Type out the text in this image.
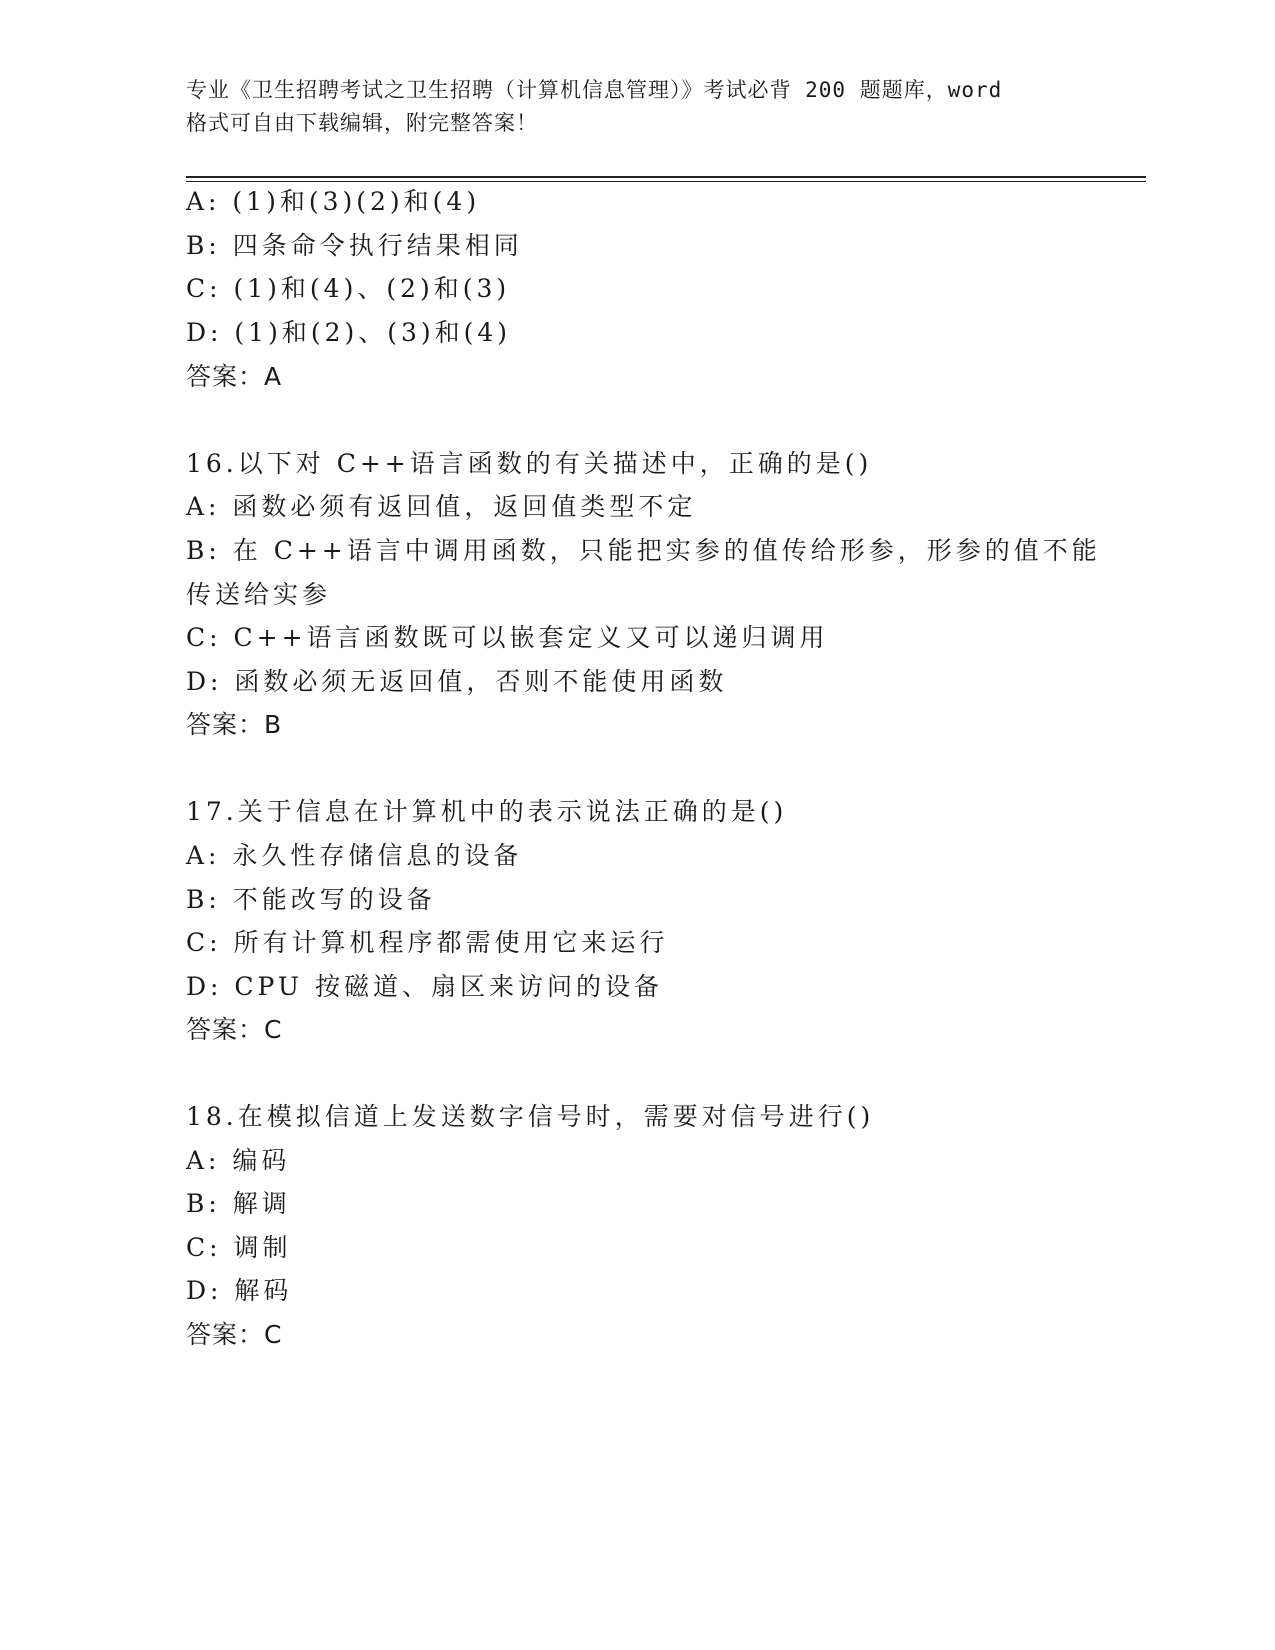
专业《卫生招聘考试之卫生招聘（计算机信息管理）》考试必背 200 题题库，word
格式可自由下载编辑，附完整答案！
A: (1)和(3)(2)和(4)
B: 四条命令执行结果相同
C: (1)和(4)、(2)和(3)
D: (1)和(2)、(3)和(4)
答案：A
16.以下对 C++语言函数的有关描述中，正确的是()
A: 函数必须有返回值，返回值类型不定
B: 在 C++语言中调用函数，只能把实参的值传给形参，形参的值不能
传送给实参
C: C++语言函数既可以嵌套定义又可以递归调用
D: 函数必须无返回值，否则不能使用函数
答案：B
17.关于信息在计算机中的表示说法正确的是()
A: 永久性存储信息的设备
B: 不能改写的设备
C: 所有计算机程序都需使用它来运行
D: CPU 按磁道、扇区来访问的设备
答案：C
18.在模拟信道上发送数字信号时，需要对信号进行()
A: 编码
B: 解调
C: 调制
D: 解码
答案：C
